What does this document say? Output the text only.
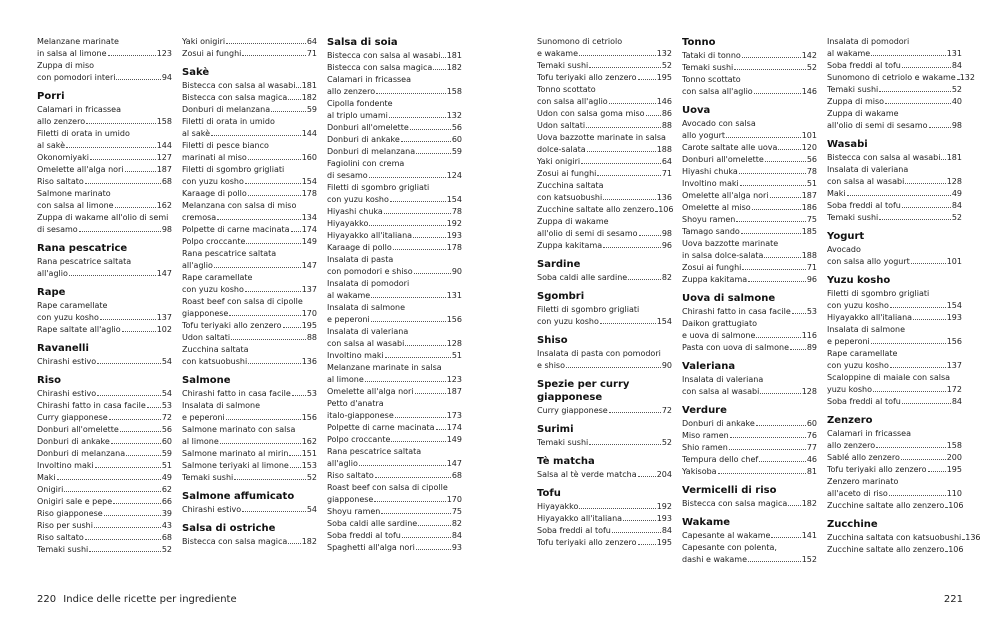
Melanzane marinate
in salsa al limone	123
Zuppa di miso
con pomodori interi	94
Porri
Calamari in fricassea
allo zenzero	158
Filetti di orata in umido
al sakè	144
Okonomiyaki	127
Omelette all'alga nori	187
Riso saltato	68
Salmone marinato
con salsa al limone	162
Zuppa di wakame all'olio di semi
di sesamo	98
Rana pescatrice
Rana pescatrice saltata
all'aglio	147
Rape
Rape caramellate
con yuzu kosho	137
Rape saltate all'aglio	102
Ravanelli
Chirashi estivo	54
Riso
Chirashi estivo	54
Chirashi fatto in casa facile 53
Curry giapponese	72
Donburi all'omelette	56
Donburi di ankake	60
Donburi di melanzana	59
Involtino maki	51
Maki	49
Onigiri	62
Onigiri sale e pepe	66
Riso giapponese	39
Riso per sushi	43
Riso saltato	68
Temaki sushi	52
Yaki onigiri	64
Zosui ai funghi	71
Sakè
Bistecca con salsa al wasabi 181
Bistecca con salsa magica 182
Donburi di melanzana	59
Filetti di orata in umido
al sakè	144
Filetti di pesce bianco
marinati al miso	160
Filetti di sgombro grigliati
con yuzu kosho	154
Karaage di pollo	178
Melanzana con salsa di miso
cremosa	134
Polpette di carne macinata 174
Polpo croccante	149
Rana pescatrice saltata
all'aglio	147
Rape caramellate
con yuzu kosho	137
Roast beef con salsa di cipolle
giapponese	170
Tofu teriyaki allo zenzero	195
Udon saltati	88
Zucchina saltata
con katsuobushi	136
Salmone
Chirashi fatto in casa facile 53
Insalata di salmone
e peperoni	156
Salmone marinato con salsa
al limone	162
Salmone marinato al mirin 151
Salmone teriyaki al limone 153
Temaki sushi	52
Salmone affumicato
Chirashi estivo	54
Salsa di ostriche
Bistecca con salsa magica 182
Salsa di soia
Bistecca con salsa al wasabi 181
Bistecca con salsa magica 182
Calamari in fricassea
allo zenzero	158
Cipolla fondente
al triplo umami	132
Donburi all'omelette	56
Donburi di ankake	60
Donburi di melanzana	59
Fagiolini con crema
di sesamo	124
Filetti di sgombro grigliati
con yuzu kosho	154
Hiyashi chuka	78
Hiyayakko	192
Hiyayakko all'italiana	193
Karaage di pollo	178
Insalata di pasta
con pomodori e shiso	90
Insalata di pomodori
al wakame	131
Insalata di salmone
e peperoni	156
Insalata di valeriana
con salsa al wasabi	128
Involtino maki	51
Melanzane marinate in salsa
al limone	123
Omelette all'alga nori	187
Petto d'anatra
italo-giapponese	173
Polpette di carne macinata 174
Polpo croccante	149
Rana pescatrice saltata
all'aglio	147
Riso saltato	68
Roast beef con salsa di cipolle
giapponese	170
Shoyu ramen	75
Soba caldi alle sardine	82
Soba freddi al tofu	84
Spaghetti all'alga nori	93
Sunomono di cetriolo
e wakame	132
Temaki sushi	52
Tofu teriyaki allo zenzero	195
Tonno scottato
con salsa all'aglio	146
Udon con salsa goma miso 86
Udon saltati	88
Uova bazzotte marinate in salsa
dolce-salata	188
Yaki onigiri	64
Zosui ai funghi	71
Zucchina saltata
con katsuobushi	136
Zucchine saltate allo zenzero 106
Zuppa di wakame
all'olio di semi di sesamo	98
Zuppa kakitama	96
Sardine
Soba caldi alle sardine	82
Sgombri
Filetti di sgombro grigliati
con yuzu kosho	154
Shiso
Insalata di pasta con pomodori
e shiso	90
Spezie per curry giapponese
Curry giapponese	72
Surimi
Temaki sushi	52
Tè matcha
Salsa al tè verde matcha	204
Tofu
Hiyayakko	192
Hiyayakko all'italiana	193
Soba freddi al tofu	84
Tofu teriyaki allo zenzero	195
Tonno
Tataki di tonno	142
Temaki sushi	52
Tonno scottato
con salsa all'aglio	146
Uova
Avocado con salsa
allo yogurt	101
Carote saltate alle uova	120
Donburi all'omelette	56
Hiyashi chuka	78
Involtino maki	51
Omelette all'alga nori	187
Omelette al miso	186
Shoyu ramen	75
Tamago sando	185
Uova bazzotte marinate
in salsa dolce-salata	188
Zosui ai funghi	71
Zuppa kakitama	96
Uova di salmone
Chirashi fatto in casa facile 53
Daikon grattugiato
e uova di salmone	116
Pasta con uova di salmone 89
Valeriana
Insalata di valeriana
con salsa al wasabi	128
Verdure
Donburi di ankake	60
Miso ramen	76
Shio ramen	77
Tempura dello chef	46
Yakisoba	81
Vermicelli di riso
Bistecca con salsa magica 182
Wakame
Capesante al wakame	141
Capesante con polenta,
dashi e wakame	152
Insalata di pomodori
al wakame	131
Soba freddi al tofu	84
Sunomono di cetriolo e wakame 132
Temaki sushi	52
Zuppa di miso	40
Zuppa di wakame
all'olio di semi di sesamo	98
Wasabi
Bistecca con salsa al wasabi 181
Insalata di valeriana
con salsa al wasabi	128
Maki	49
Soba freddi al tofu	84
Temaki sushi	52
Yogurt
Avocado
con salsa allo yogurt	101
Yuzu kosho
Filetti di sgombro grigliati
con yuzu kosho	154
Hiyayakko all'italiana	193
Insalata di salmone
e peperoni	156
Rape caramellate
con yuzu kosho	137
Scaloppine di maiale con salsa
yuzu kosho	172
Soba freddi al tofu	84
Zenzero
Calamari in fricassea
allo zenzero	158
Sablé allo zenzero	200
Tofu teriyaki allo zenzero	195
Zenzero marinato
all'aceto di riso	110
Zucchine saltate allo zenzero 106
Zucchine
Zucchina saltata con katsuobushi 136
Zucchine saltate allo zenzero 106
220 Indice delle ricette per ingrediente	221
